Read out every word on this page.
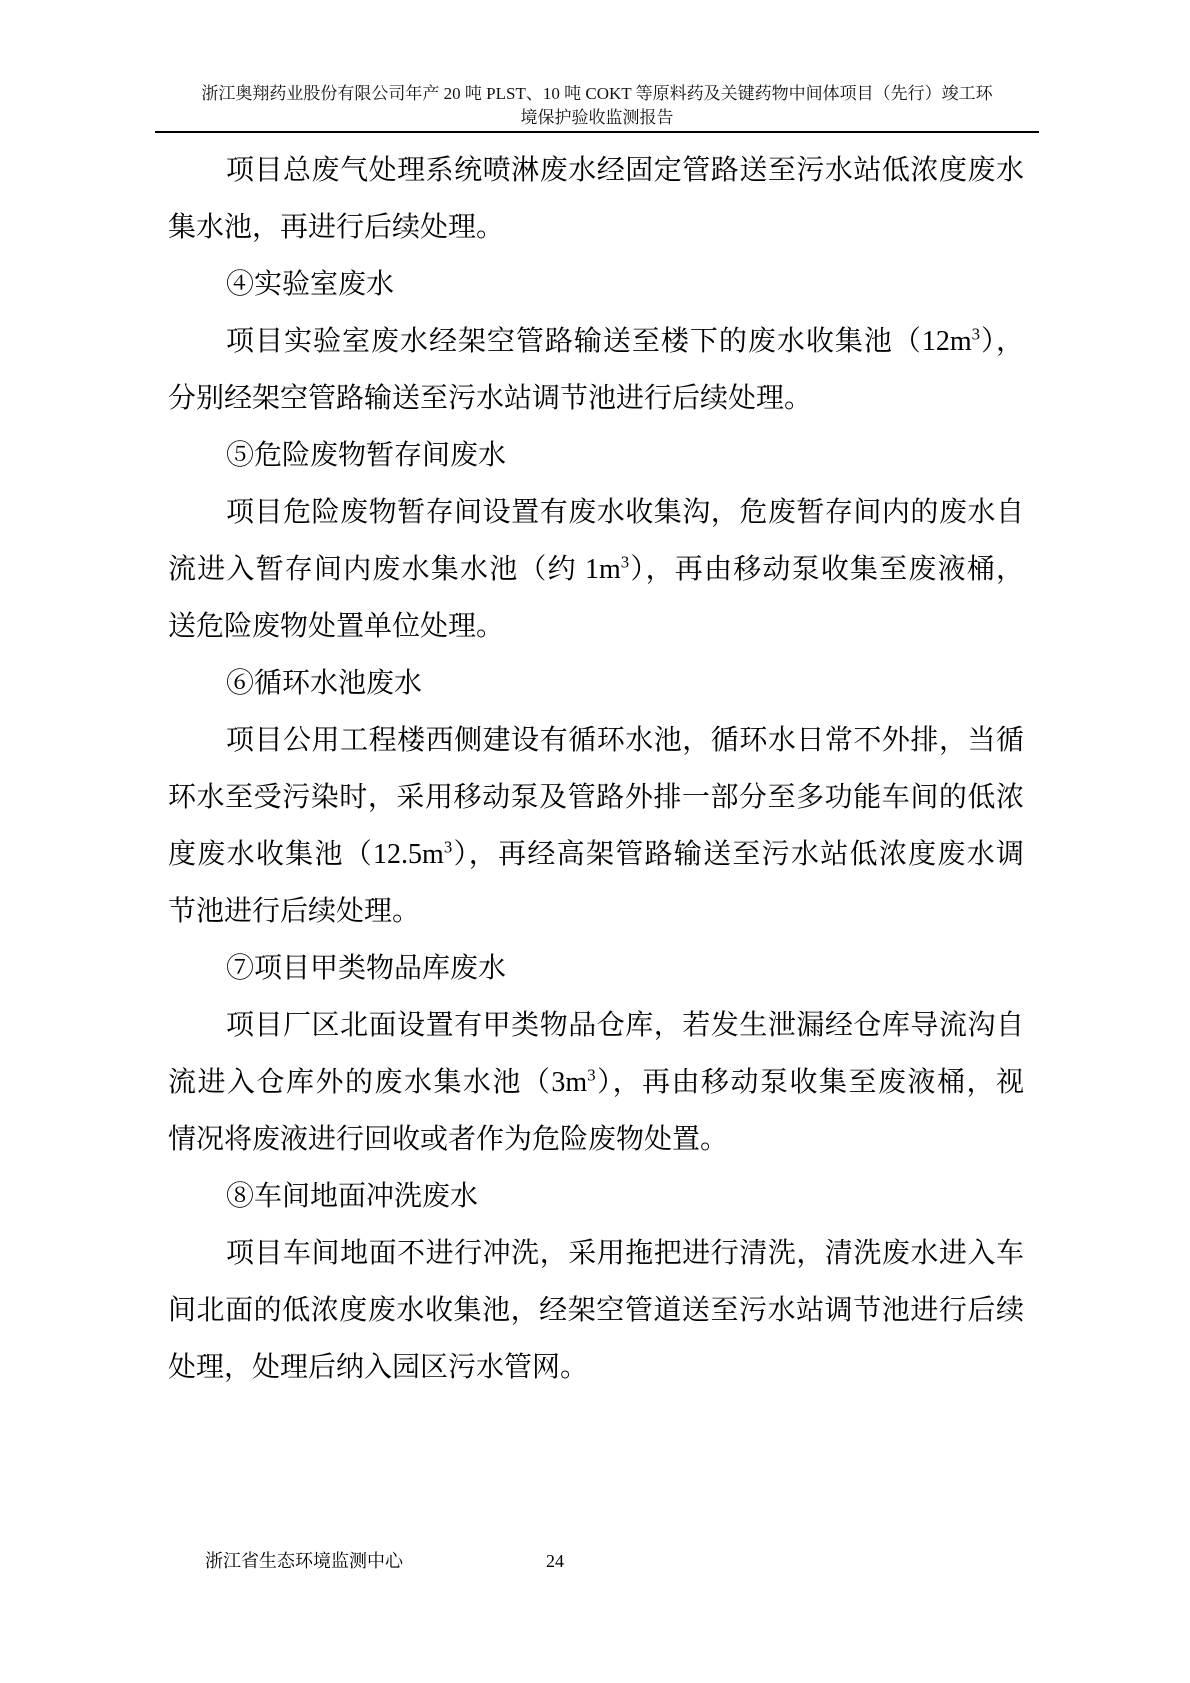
浙江奥翔药业股份有限公司年产 20 吨 PLST、10 吨 COKT 等原料药及关键药物中间体项目（先行）竣工环
境保护验收监测报告
项目总废气处理系统喷淋废水经固定管路送至污水站低浓度废水
集水池，再进行后续处理。
④实验室废水
项目实验室废水经架空管路输送至楼下的废水收集池$(12m^3)$，
分别经架空管路输送至污水站调节池进行后续处理。
⑤危险废物暂存间废水
项目危险废物暂存间设置有废水收集沟，危废暂存间内的废水自
流进入暂存间内废水集水池（约 $1m^3$），再由移动泵收集至废液桶，
送危险废物处置单位处理。
⑥循环水池废水
项目公用工程楼西侧建设有循环水池，循环水日常不外排，当循
环水至受污染时，采用移动泵及管路外排一部分至多功能车间的低浓
度废水收集池$(12.5m^3)$，再经高架管路输送至污水站低浓度废水调
节池进行后续处理。
⑦项目甲类物品库废水
项目厂区北面设置有甲类物品仓库，若发生泄漏经仓库导流沟自
流进入仓库外的废水集水池$(3m^3)$，再由移动泵收集至废液桶，视
情况将废液进行回收或者作为危险废物处置。
⑧车间地面冲洗废水
项目车间地面不进行冲洗，采用拖把进行清洗，清洗废水进入车
间北面的低浓度废水收集池，经架空管道送至污水站调节池进行后续
处理，处理后纳入园区污水管网。
浙江省生态环境监测中心	24
